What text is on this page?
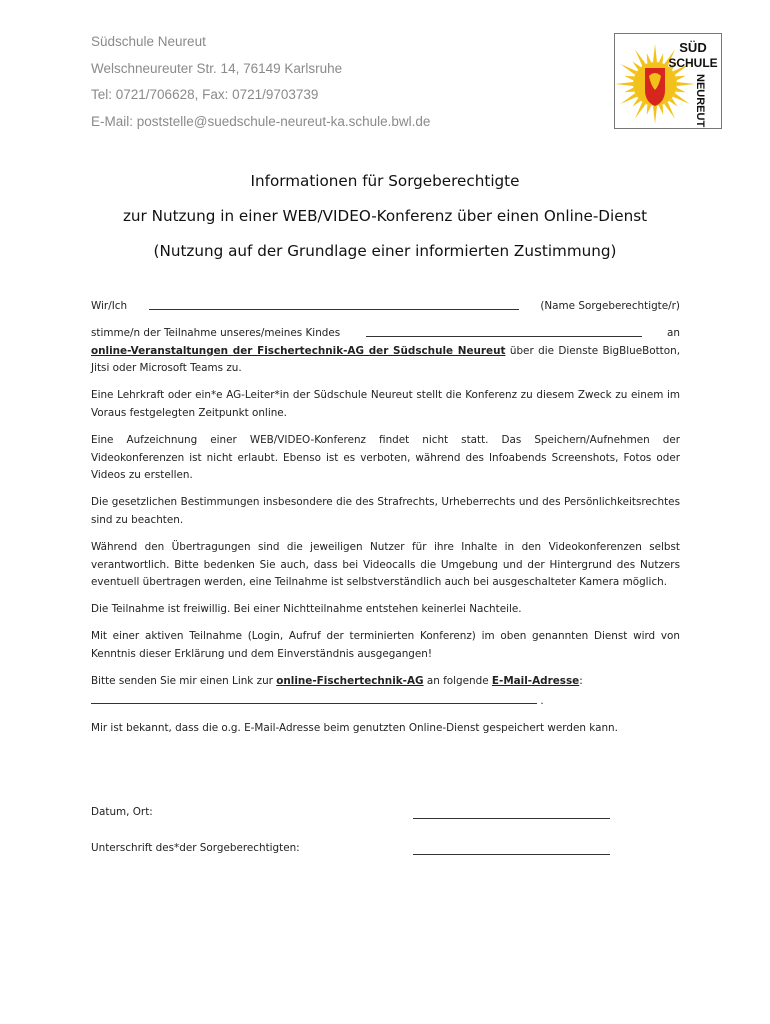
Südschule Neureut
Welschneureuter Str. 14, 76149 Karlsruhe
Tel: 0721/706628, Fax: 0721/9703739
E-Mail: poststelle@suedschule-neureut-ka.schule.bwl.de
SÜD
SCHULE
NEUREUT
Informationen für Sorgeberechtigte
zur Nutzung in einer WEB/VIDEO-Konferenz über einen Online-Dienst
(Nutzung auf der Grundlage einer informierten Zustimmung)
Wir/Ich	(Name Sorgeberechtigte/r)
stimme/n der Teilnahme unseres/meines Kindes	an
online-Veranstaltungen der Fischertechnik-AG der Südschule Neureut über die Dienste BigBlueBotton, Jitsi oder Microsoft Teams zu.

Eine Lehrkraft oder ein*e AG-Leiter*in der Südschule Neureut stellt die Konferenz zu diesem Zweck zu einem im Voraus festgelegten Zeitpunkt online.

Eine Aufzeichnung einer WEB/VIDEO-Konferenz findet nicht statt. Das Speichern/Aufnehmen der Videokonferenzen ist nicht erlaubt. Ebenso ist es verboten, während des Infoabends Screenshots, Fotos oder Videos zu erstellen.

Die gesetzlichen Bestimmungen insbesondere die des Strafrechts, Urheberrechts und des Persönlichkeitsrechtes sind zu beachten.

Während den Übertragungen sind die jeweiligen Nutzer für ihre Inhalte in den Videokonferenzen selbst verantwortlich. Bitte bedenken Sie auch, dass bei Videocalls die Umgebung und der Hintergrund des Nutzers eventuell übertragen werden, eine Teilnahme ist selbstverständlich auch bei ausgeschalteter Kamera möglich.

Die Teilnahme ist freiwillig. Bei einer Nichtteilnahme entstehen keinerlei Nachteile.

Mit einer aktiven Teilnahme (Login, Aufruf der terminierten Konferenz) im oben genannten Dienst wird von Kenntnis dieser Erklärung und dem Einverständnis ausgegangen!

Bitte senden Sie mir einen Link zur online-Fischertechnik-AG an folgende E-Mail-Adresse:
.

Mir ist bekannt, dass die o.g. E-Mail-Adresse beim genutzten Online-Dienst gespeichert werden kann.

Datum, Ort:
Unterschrift des*der Sorgeberechtigten:
